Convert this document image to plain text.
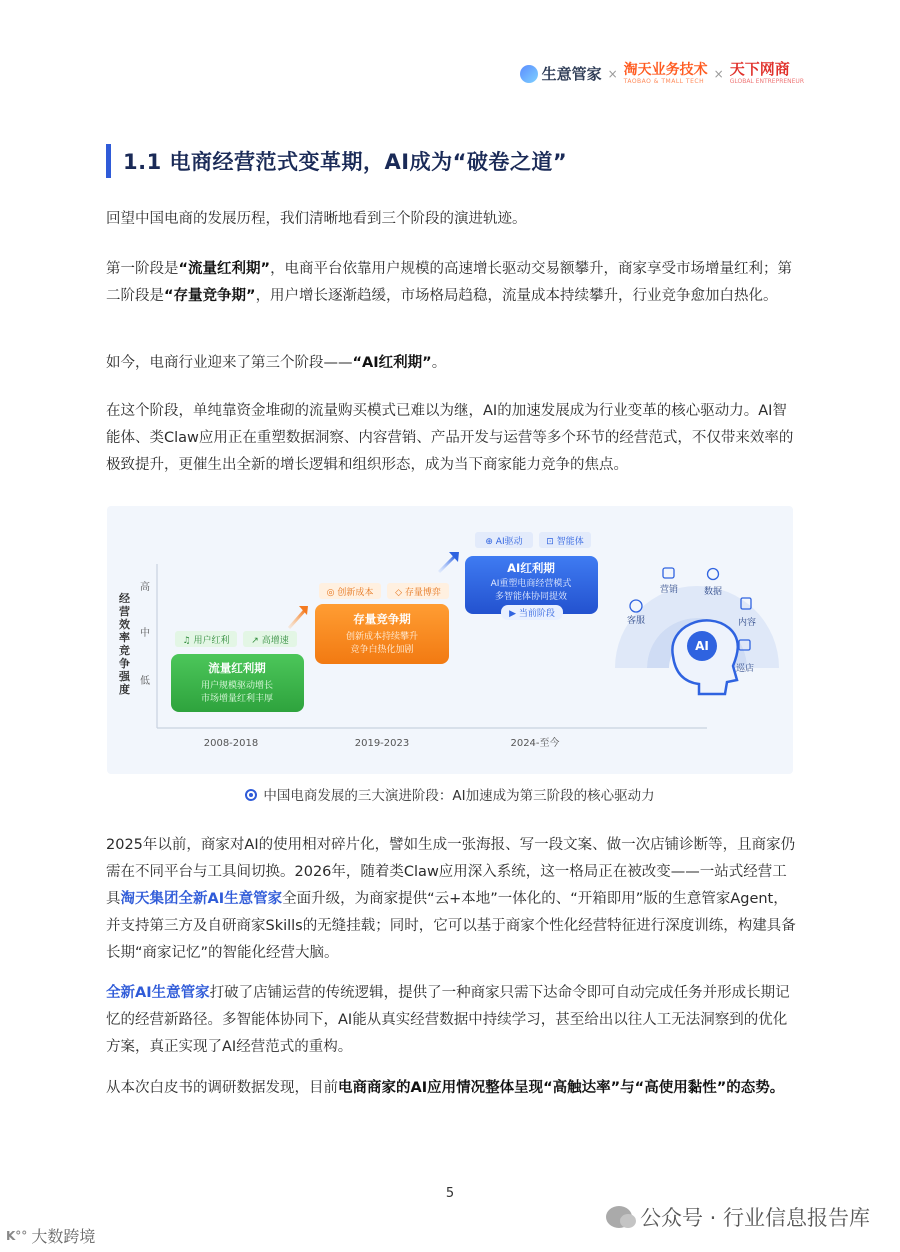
生意管家 × 淘天业务技术
TAOBAO & TMALL TECH
× 天下网商
GLOBAL ENTREPRENEUR
1.1 电商经营范式变革期，AI成为“破卷之道”

回望中国电商的发展历程，我们清晰地看到三个阶段的演进轨迹。

第一阶段是“流量红利期”，电商平台依靠用户规模的高速增长驱动交易额攀升，商家享受市场增量红利；第二阶段是“存量竞争期”，用户增长逐渐趋缓，市场格局趋稳，流量成本持续攀升，行业竞争愈加白热化。

如今，电商行业迎来了第三个阶段——“AI红利期”。

在这个阶段，单纯靠资金堆砌的流量购买模式已难以为继，AI的加速发展成为行业变革的核心驱动力。AI智能体、类Claw应用正在重塑数据洞察、内容营销、产品开发与运营等多个环节的经营范式，不仅带来效率的极致提升，更催生出全新的增长逻辑和组织形态，成为当下商家能力竞争的焦点。

经营效率竞争强度
高
中
低
2008-2018	2019-2023	2024-至今
流量红利期
用户规模驱动增长
市场增量红利丰厚
♫ 用户红利 ↗ 高增速
存量竞争期
创新成本持续攀升
竞争白热化加剧
◎ 创新成本 ◇ 存量博弈
AI红利期
AI重塑电商经营模式
多智能体协同提效
▶ 当前阶段
⊕ AI驱动	⊡ 智能体
AI
客服
营销	数据
内容
巡店
中国电商发展的三大演进阶段：AI加速成为第三阶段的核心驱动力

2025年以前，商家对AI的使用相对碎片化，譬如生成一张海报、写一段文案、做一次店铺诊断等，且商家仍需在不同平台与工具间切换。2026年，随着类Claw应用深入系统，这一格局正在被改变——一站式经营工具淘天集团全新AI生意管家全面升级，为商家提供“云+本地”一体化的、“开箱即用”版的生意管家Agent，并支持第三方及自研商家Skills的无缝挂载；同时，它可以基于商家个性化经营特征进行深度训练，构建具备长期“商家记忆”的智能化经营大脑。

全新AI生意管家打破了店铺运营的传统逻辑，提供了一种商家只需下达命令即可自动完成任务并形成长期记忆的经营新路径。多智能体协同下，AI能从真实经营数据中持续学习，甚至给出以往人工无法洞察到的优化方案，真正实现了AI经营范式的重构。

从本次白皮书的调研数据发现，目前电商商家的AI应用情况整体呈现“高触达率”与“高使用黏性”的态势。

5
公众号 · 行业信息报告库
K°° 大数跨境
